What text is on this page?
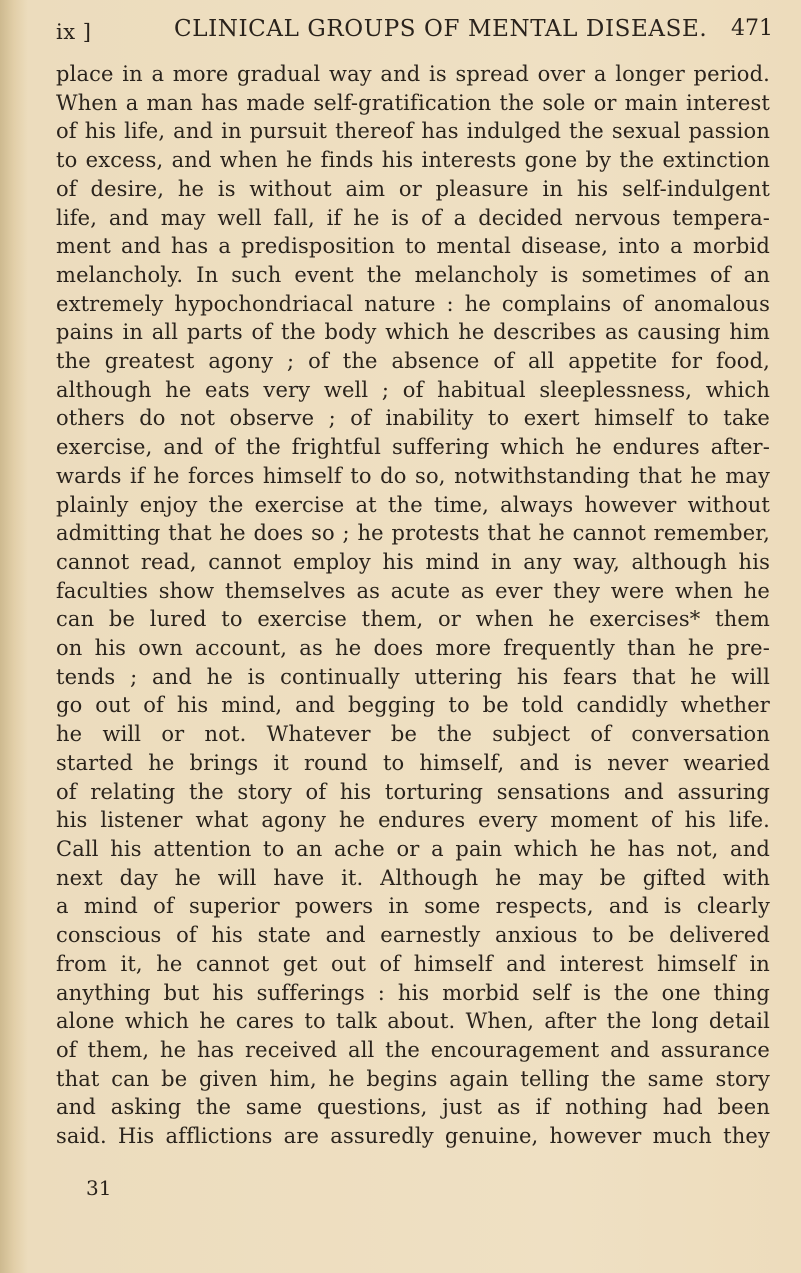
ix ]	CLINICAL GROUPS OF MENTAL DISEASE. 471
place in a more gradual way and is spread over a longer period.
When a man has made self-gratification the sole or main interest
of his life, and in pursuit thereof has indulged the sexual passion
to excess, and when he finds his interests gone by the extinction
of desire, he is without aim or pleasure in his self-indulgent
life, and may well fall, if he is of a decided nervous tempera-
ment and has a predisposition to mental disease, into a morbid
melancholy. In such event the melancholy is sometimes of an
extremely hypochondriacal nature : he complains of anomalous
pains in all parts of the body which he describes as causing him
the greatest agony ; of the absence of all appetite for food,
although he eats very well ; of habitual sleeplessness, which
others do not observe ; of inability to exert himself to take
exercise, and of the frightful suffering which he endures after-
wards if he forces himself to do so, notwithstanding that he may
plainly enjoy the exercise at the time, always however without
admitting that he does so ; he protests that he cannot remember,
cannot read, cannot employ his mind in any way, although his
faculties show themselves as acute as ever they were when he
can be lured to exercise them, or when he exercises* them
on his own account, as he does more frequently than he pre-
tends ; and he is continually uttering his fears that he will
go out of his mind, and begging to be told candidly whether
he will or not. Whatever be the subject of conversation
started he brings it round to himself, and is never wearied
of relating the story of his torturing sensations and assuring
his listener what agony he endures every moment of his life.
Call his attention to an ache or a pain which he has not, and
next day he will have it. Although he may be gifted with
a mind of superior powers in some respects, and is clearly
conscious of his state and earnestly anxious to be delivered
from it, he cannot get out of himself and interest himself in
anything but his sufferings : his morbid self is the one thing
alone which he cares to talk about. When, after the long detail
of them, he has received all the encouragement and assurance
that can be given him, he begins again telling the same story
and asking the same questions, just as if nothing had been
said. His afflictions are assuredly genuine, however much they
31
